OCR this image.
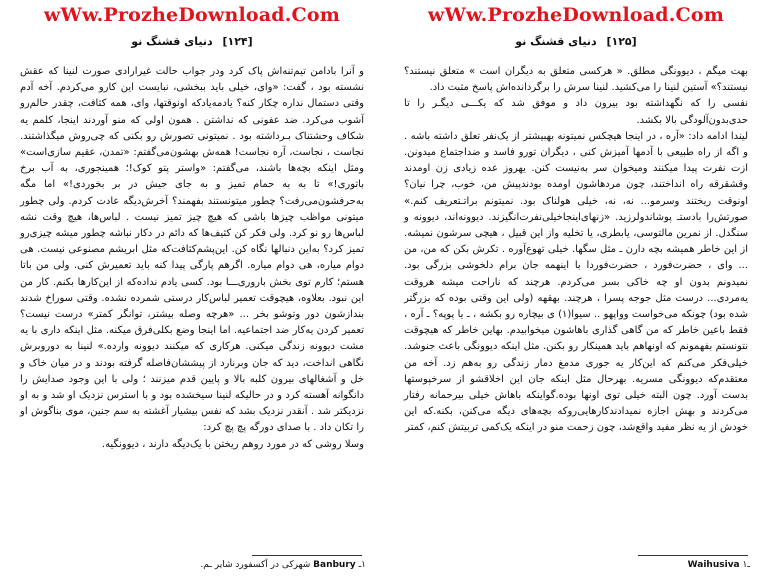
wWw.ProzheDownload.Com
[۱۲۴] دنیای قشنگ نو

و آنرا بادامن تیم‌تنه‌اش پاک کرد ودر جواب حالت غیرارادی صورت لنینا که عقش نشسته بود ، گفت: «وای، خیلی باید ببخشی، نبایست این کارو می‌کردم. آخه آدم وقتی دستمال نداره چکار کنه؟ یادمه‌یادکه اونوقتها، وای، همه کثافت، چقدر حالم‌رو آشوب می‌کرد. ضد عفونی که نداشتن . همون اولی که منو آوردند اینجا، کلمم یه شکاف وحشتناک بـرداشته بود . نمیتونی تصورش رو بکنی که چی‌روش میگذاشتند. نجاست ، نجاست، آره نجاست! همه‌ش بهشون‌می‌گفتم: «تمدن، عقیم سازی‌است» ومثل اینکه بچه‌ها باشند، می‌گفتم: «واستر پتو کوک!؛ همینجوری، به آب برخ باتوری!» تا به به حمام تمیز و به جای جیش در بر بخوردی!» اما مگه به‌حرفشون‌می‌رفت؟ چطور میتونستند بفهمند؟ آخرش‌دیگه عادت کردم. ولی چطور میتونی مواظب چیزها باشی که هیچ چیز تمیز نیست . لباس‌ها، هیچ وقت نشه لباس‌ها رو نو کرد. ولی فکر کن کثیف‌ها که دائم در دکار نباشه چطور میشه چیزی‌رو تمیز کرد؟ به‌این دنبالها نگاه کن. این‌پشم‌کثافت‌که مثل ابریشم مصنوعی نیست. هی دوام میاره، هی دوام میاره. اگرهم پارگی پیدا کنه باید تعمیرش کنی. ولی من باتا هستم؛ کارم توی بخش باروری‌ـــا بود. کسی یادم نداده‌که از این‌کارها بکنم. کار من این نبود. بعلاوه، هیچوقت تعمیر لباس‌کار درستی شمرده نشده. وقتی سوراخ شدند بندازشون دور وتوشو بخر ... «هرچه وصله بیشتر، توانگر کمتر» درست نیست؟تعمیر کردن یه‌کار ضد اجتماعیه. اما اینجا وضع بکلی‌فرق میکنه. مثل اینکه داری با یه مشت دیوونه زندگی میکنی. هرکاری که میکنند دیوونه وارده.» لنینا به دوروبرش نگاهی انداخت، دید که جان وبرنارد از پیششان‌فاصله گرفته بودند و در میان خاک و خل و آشغالهای بیرون کلبه بالا و پایین قدم میزنند ؛ ولی با این وجود صدایش را دانگوانه آهسته کرد و در حالیکه لنینا سیخشده بود و با استرس نزدیک او شد و به او نزدیکتر شد . آنقدر نزدیک بشد که نفس بیشیار آغشته به سم جنین، موی بناگوش او را تکان داد . با صدای دورگه پچ پچ کرد:

وسلا روشی که در مورد روهم ریختن با یک‌دیگه دارند ، دیوونگیه.

۱ـ Banbury شهرکی در آکسفورد شایر ـم.
wWw.ProzheDownload.Com
[۱۲۵] دنیای قشنگ نو

بهت میگم ، دیوونگی مطلق. « هرکسی متعلق به دیگران است » متعلق نیستند؟ نیستند؟» آستین لنینا را می‌کشید. لنینا سرش را برگردانده‌اش پاسخ مثبت داد.

نفسی را که نگهداشته بود بیرون داد و موفق شد که یکـــی دیگـر را تا حدی‌بدون‌آلودگی بالا بکشد.

لیندا ادامه داد: «آره ، در اینجا هیچکس نمیتونه بهبیشتر از یک‌نفر تعلق داشته باشه . و اگه از راه طبیعی با آدمها آمیزش کنی ، دیگران تورو فاسد و ضداجتماع میدونن. ازت نفرت پیدا میکنند ومیخوان سر به‌نیست کنن. یهروز عده زیادی زن اومدند وقشقرقه راه انداختند، چون مردهاشون اومده بودندپیش من، خوب، چرا نیان؟ اونوقت ریختند وسرمو... نه، نه، خیلی هولناک بود. نمیتونم براتـتعریف کنم.» صورتش‌را بادستـ پوشاندولرزید. «زنهای‌اینجاخیلی‌نفرت‌انگیزند. دیوونه‌اند، دیوونه و سنگدل. از نمرین مالتوسی، یابطری، یا تخلیه واز این قبیل ، هیچی سرشون نمیشه. از این خاطر همیشه بچه دارن ـ مثل سگها. خیلی تهوع‌آوره . تکرش بکن که من، من ... وای ، حضرت‌فورد ، حضرت‌فوردا با اینهمه جان برام دلخوشی بزرگی بود. نمیدونم بدون او چه خاکی بسر می‌کردم. هرچند که ناراحت میشه هروقت یه‌مردی... درست مثل جوجه پسرا ، هرچند. بهقهه (ولی این وقتی بوده که بزرگتر شده بود) چونکه می‌خواست وواپهو .. سیوا(۱) ی بیچاره رو بکشه ، ـ یا پوپه؟ ـ آره ، فقط باعین خاطر که من گاهی گذاری باهاشون میخوابیدم. بهاین خاطر که هیچوقت نتونستم بفهمونم که اونهاهم باید همینکار رو بکنن. مثل اینکه دیوونگی باعث جنوشد. خیلی‌فکر می‌کنم که این‌کار یه جوری مدمغ دمار زندگی رو به‌هم زد. آخه من معتقدم‌که دیوونگی مسریه. بهرحال مثل اینکه جان این اخلاقشو از سرخپوستها بدست آورد. چون البته خیلی توی اونها بوده.گواینکه باهاش خیلی بیرحمانه رفتار می‌کردند و بهش اجازه نمیدادندکارهایی‌روکه بچه‌های دیگه می‌کنن، بکنه.که این خودش از یه نظر مفید واقع‌شد، چون زحمت منو در اینکه یک‌کمی تربیتش کنم، کمتر

Waihusiva ۱ـ
